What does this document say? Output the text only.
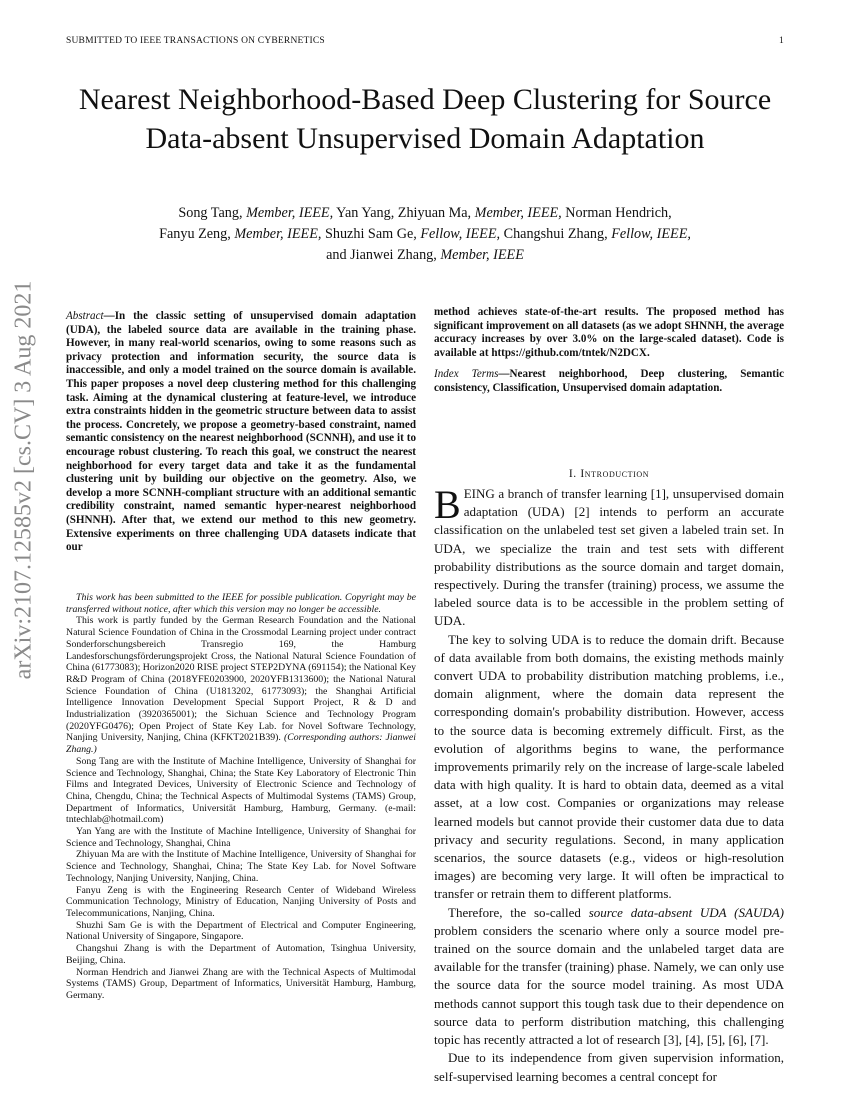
SUBMITTED TO IEEE TRANSACTIONS ON CYBERNETICS	1
arXiv:2107.12585v2 [cs.CV] 3 Aug 2021
Nearest Neighborhood-Based Deep Clustering for Source Data-absent Unsupervised Domain Adaptation
Song Tang, Member, IEEE, Yan Yang, Zhiyuan Ma, Member, IEEE, Norman Hendrich,
Fanyu Zeng, Member, IEEE, Shuzhi Sam Ge, Fellow, IEEE, Changshui Zhang, Fellow, IEEE,
and Jianwei Zhang, Member, IEEE
Abstract—In the classic setting of unsupervised domain adaptation (UDA), the labeled source data are available in the training phase. However, in many real-world scenarios, owing to some reasons such as privacy protection and information security, the source data is inaccessible, and only a model trained on the source domain is available. This paper proposes a novel deep clustering method for this challenging task. Aiming at the dynamical clustering at feature-level, we introduce extra constraints hidden in the geometric structure between data to assist the process. Concretely, we propose a geometry-based constraint, named semantic consistency on the nearest neighborhood (SCNNH), and use it to encourage robust clustering. To reach this goal, we construct the nearest neighborhood for every target data and take it as the fundamental clustering unit by building our objective on the geometry. Also, we develop a more SCNNH-compliant structure with an additional semantic credibility constraint, named semantic hyper-nearest neighborhood (SHNNH). After that, we extend our method to this new geometry. Extensive experiments on three challenging UDA datasets indicate that our

This work has been submitted to the IEEE for possible publication. Copyright may be transferred without notice, after which this version may no longer be accessible.

This work is partly funded by the German Research Foundation and the National Natural Science Foundation of China in the Crossmodal Learning project under contract Sonderforschungsbereich Transregio 169, the Hamburg Landesforschungsförderungsprojekt Cross, the National Natural Science Foundation of China (61773083); Horizon2020 RISE project STEP2DYNA (691154); the National Key R&D Program of China (2018YFE0203900, 2020YFB1313600); the National Natural Science Foundation of China (U1813202, 61773093); the Shanghai Artificial Intelligence Innovation Development Special Support Project, R & D and Industrialization (3920365001); the Sichuan Science and Technology Program (2020YFG0476); Open Project of State Key Lab. for Novel Software Technology, Nanjing University, Nanjing, China (KFKT2021B39). (Corresponding authors: Jianwei Zhang.)

Song Tang are with the Institute of Machine Intelligence, University of Shanghai for Science and Technology, Shanghai, China; the State Key Laboratory of Electronic Thin Films and Integrated Devices, University of Electronic Science and Technology of China, Chengdu, China; the Technical Aspects of Multimodal Systems (TAMS) Group, Department of Informatics, Universität Hamburg, Hamburg, Germany. (e-mail: tntechlab@hotmail.com)

Yan Yang are with the Institute of Machine Intelligence, University of Shanghai for Science and Technology, Shanghai, China

Zhiyuan Ma are with the Institute of Machine Intelligence, University of Shanghai for Science and Technology, Shanghai, China; The State Key Lab. for Novel Software Technology, Nanjing University, Nanjing, China.

Fanyu Zeng is with the Engineering Research Center of Wideband Wireless Communication Technology, Ministry of Education, Nanjing University of Posts and Telecommunications, Nanjing, China.

Shuzhi Sam Ge is with the Department of Electrical and Computer Engineering, National University of Singapore, Singapore.

Changshui Zhang is with the Department of Automation, Tsinghua University, Beijing, China.

Norman Hendrich and Jianwei Zhang are with the Technical Aspects of Multimodal Systems (TAMS) Group, Department of Informatics, Universität Hamburg, Hamburg, Germany.

method achieves state-of-the-art results. The proposed method has significant improvement on all datasets (as we adopt SHNNH, the average accuracy increases by over 3.0% on the large-scaled dataset). Code is available at https://github.com/tntek/N2DCX.
Index Terms—Nearest neighborhood, Deep clustering, Semantic consistency, Classification, Unsupervised domain adaptation.
I. Introduction

BEING a branch of transfer learning [1], unsupervised domain adaptation (UDA) [2] intends to perform an accurate classification on the unlabeled test set given a labeled train set. In UDA, we specialize the train and test sets with different probability distributions as the source domain and target domain, respectively. During the transfer (training) process, we assume the labeled source data is to be accessible in the problem setting of UDA.

The key to solving UDA is to reduce the domain drift. Because of data available from both domains, the existing methods mainly convert UDA to probability distribution matching problems, i.e., domain alignment, where the domain data represent the corresponding domain's probability distribution. However, access to the source data is becoming extremely difficult. First, as the evolution of algorithms begins to wane, the performance improvements primarily rely on the increase of large-scale labeled data with high quality. It is hard to obtain data, deemed as a vital asset, at a low cost. Companies or organizations may release learned models but cannot provide their customer data due to data privacy and security regulations. Second, in many application scenarios, the source datasets (e.g., videos or high-resolution images) are becoming very large. It will often be impractical to transfer or retrain them to different platforms.

Therefore, the so-called source data-absent UDA (SAUDA) problem considers the scenario where only a source model pre-trained on the source domain and the unlabeled target data are available for the transfer (training) phase. Namely, we can only use the source data for the source model training. As most UDA methods cannot support this tough task due to their dependence on source data to perform distribution matching, this challenging topic has recently attracted a lot of research [3], [4], [5], [6], [7].

Due to its independence from given supervision information, self-supervised learning becomes a central concept for
